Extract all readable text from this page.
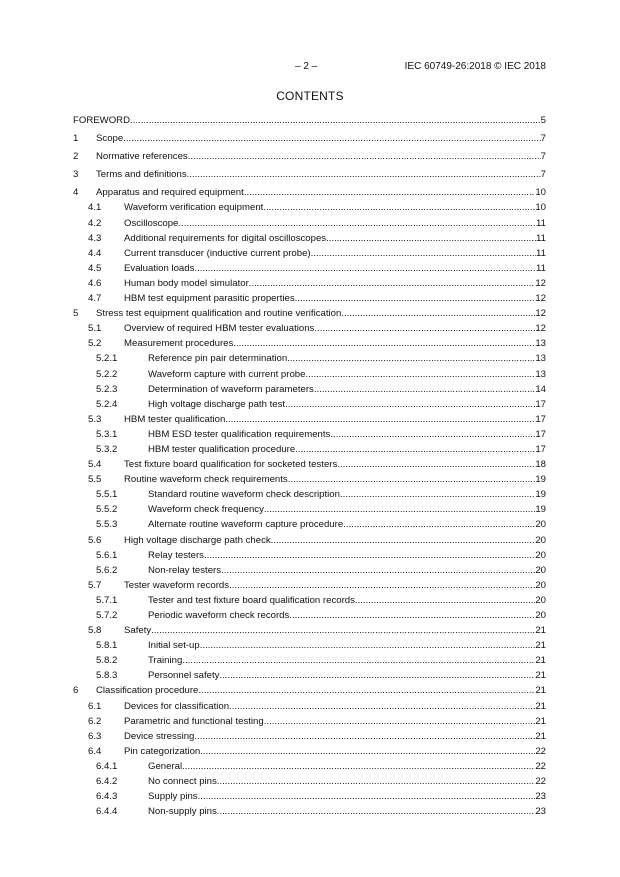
– 2 –	IEC 60749-26:2018 © IEC 2018
CONTENTS
FOREWORD .....	5
1 Scope .....	7
2 Normative references .....	7
3 Terms and definitions .....	7
4 Apparatus and required equipment .....	10
4.1 Waveform verification equipment .....	10
4.2 Oscilloscope .....	11
4.3 Additional requirements for digital oscilloscopes .....	11
4.4 Current transducer (inductive current probe) .....	11
4.5 Evaluation loads .....	11
4.6 Human body model simulator .....	12
4.7 HBM test equipment parasitic properties .....	12
5 Stress test equipment qualification and routine verification .....	12
5.1 Overview of required HBM tester evaluations .....	12
5.2 Measurement procedures .....	13
5.2.1	Reference pin pair determination .....	13
5.2.2	Waveform capture with current probe .....	13
5.2.3	Determination of waveform parameters .....	14
5.2.4	High voltage discharge path test .....	17
5.3 HBM tester qualification .....	17
5.3.1	HBM ESD tester qualification requirements .....	17
5.3.2	HBM tester qualification procedure .....	17
5.4 Test fixture board qualification for socketed testers .....	18
5.5 Routine waveform check requirements .....	19
5.5.1	Standard routine waveform check description .....	19
5.5.2	Waveform check frequency .....	19
5.5.3	Alternate routine waveform capture procedure .....	20
5.6 High voltage discharge path check .....	20
5.6.1	Relay testers .....	20
5.6.2	Non-relay testers .....	20
5.7 Tester waveform records .....	20
5.7.1	Tester and test fixture board qualification records .....	20
5.7.2	Periodic waveform check records .....	20
5.8 Safety .....	21
5.8.1	Initial set-up .....	21
5.8.2	Training .....	21
5.8.3	Personnel safety .....	21
6 Classification procedure .....	21
6.1 Devices for classification .....	21
6.2 Parametric and functional testing .....	21
6.3 Device stressing .....	21
6.4 Pin categorization .....	22
6.4.1	General .....	22
6.4.2	No connect pins .....	22
6.4.3	Supply pins .....	23
6.4.4	Non-supply pins .....	23
